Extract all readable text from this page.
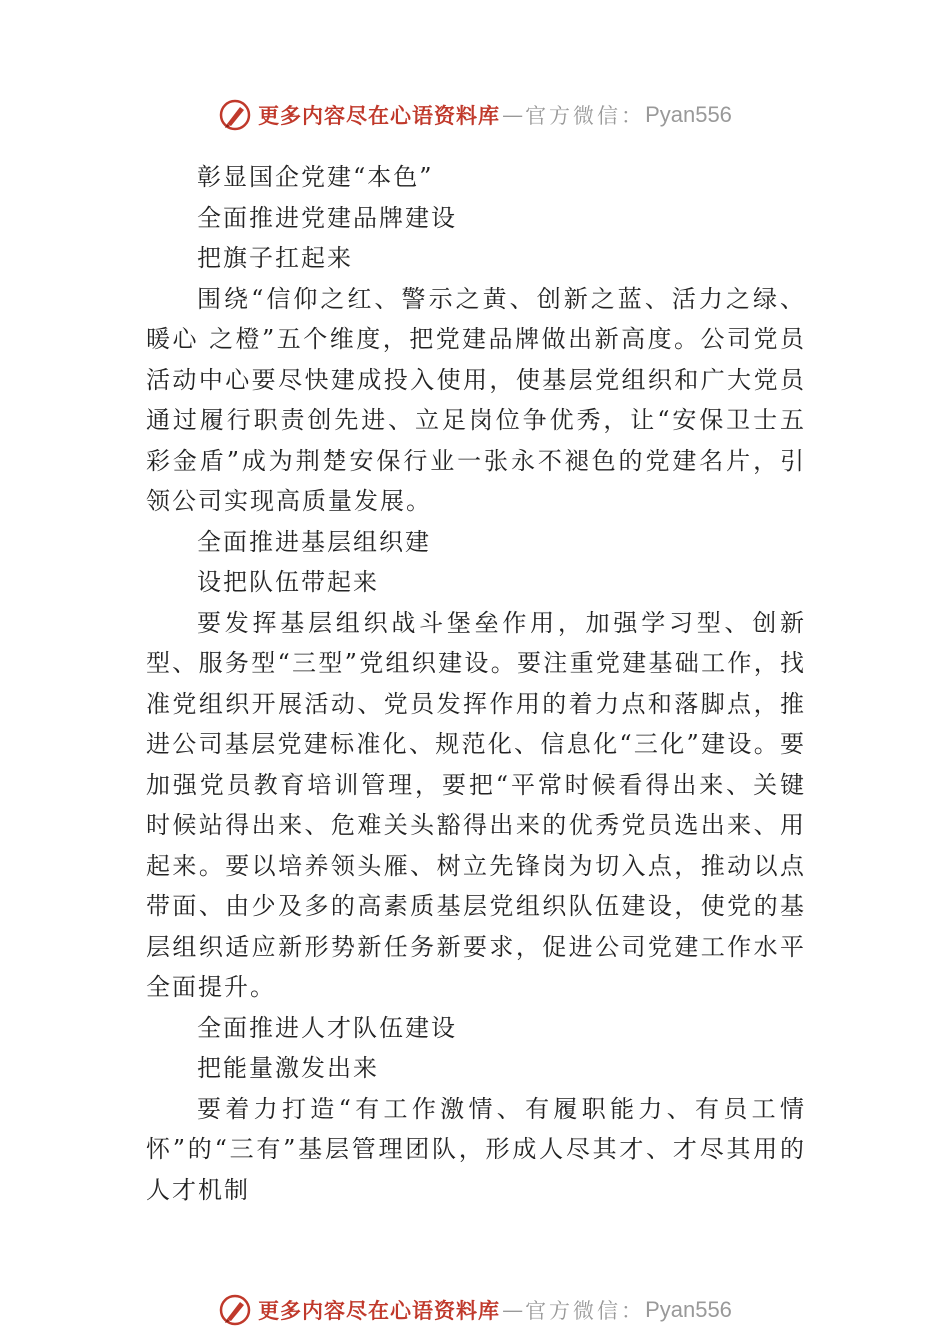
更多内容尽在心语资料库 — 官方微信： Pyan556

彰显国企党建“本色”

全面推进党建品牌建设

把旗子扛起来

围绕“信仰之红、警示之黄、创新之蓝、活力之绿、暖心 之橙”五个维度，把党建品牌做出新高度。公司党员活动中心要尽快建成投入使用，使基层党组织和广大党员通过履行职责创先进、立足岗位争优秀，让“安保卫士五彩金盾”成为荆楚安保行业一张永不褪色的党建名片，引领公司实现高质量发展。

全面推进基层组织建

设把队伍带起来

要发挥基层组织战斗堡垒作用，加强学习型、创新型、服务型“三型”党组织建设。要注重党建基础工作，找准党组织开展活动、党员发挥作用的着力点和落脚点，推进公司基层党建标准化、规范化、信息化“三化”建设。要加强党员教育培训管理，要把“平常时候看得出来、关键时候站得出来、危难关头豁得出来的优秀党员选出来、用起来。要以培养领头雁、树立先锋岗为切入点，推动以点带面、由少及多的高素质基层党组织队伍建设，使党的基层组织适应新形势新任务新要求，促进公司党建工作水平全面提升。

全面推进人才队伍建设

把能量激发出来

要着力打造“有工作激情、有履职能力、有员工情怀”的“三有”基层管理团队，形成人尽其才、才尽其用的人才机制

更多内容尽在心语资料库 — 官方微信： Pyan556
